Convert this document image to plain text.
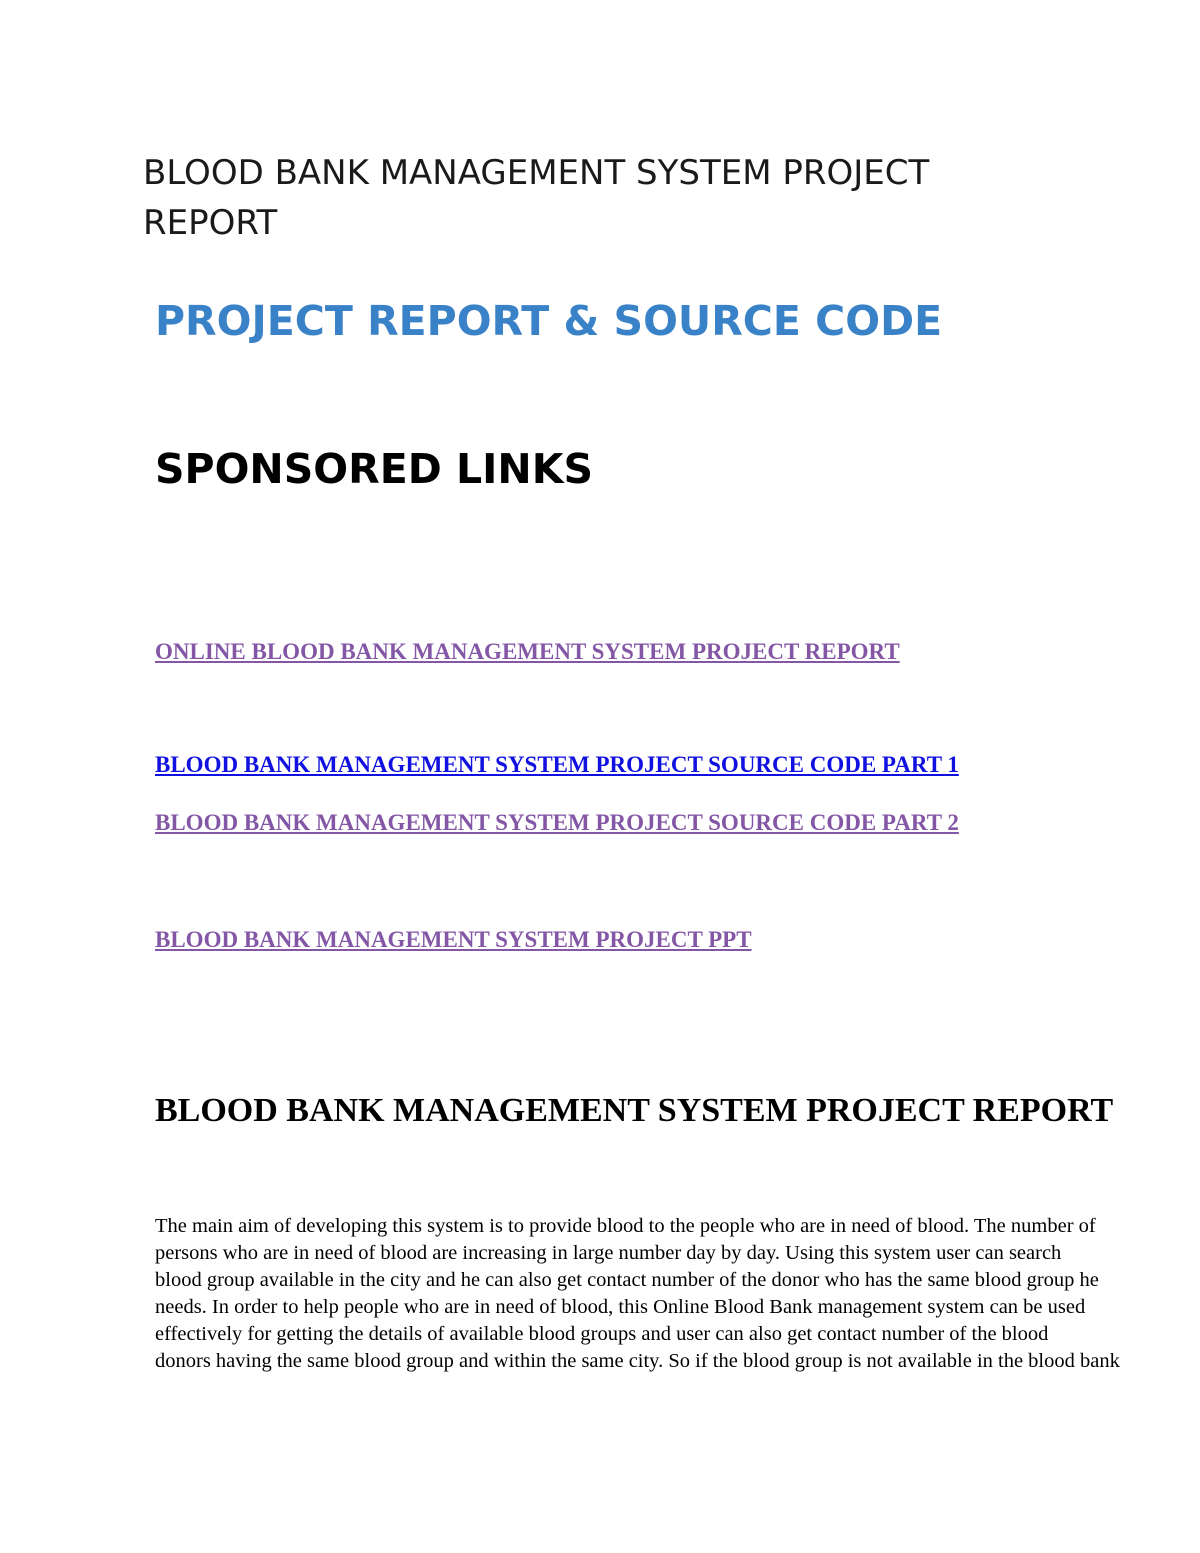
BLOOD BANK MANAGEMENT SYSTEM PROJECT REPORT
PROJECT REPORT & SOURCE CODE
SPONSORED LINKS
ONLINE BLOOD BANK MANAGEMENT SYSTEM PROJECT REPORT
BLOOD BANK MANAGEMENT SYSTEM PROJECT SOURCE CODE PART 1
BLOOD BANK MANAGEMENT SYSTEM PROJECT SOURCE CODE PART 2
BLOOD BANK MANAGEMENT SYSTEM PROJECT PPT
BLOOD BANK MANAGEMENT SYSTEM PROJECT REPORT
The main aim of developing this system is to provide blood to the people who are in need of blood. The number of
persons who are in need of blood are increasing in large number day by day. Using this system user can search
blood group available in the city and he can also get contact number of the donor who has the same blood group he
needs. In order to help people who are in need of blood, this Online Blood Bank management system can be used
effectively for getting the details of available blood groups and user can also get contact number of the blood
donors having the same blood group and within the same city. So if the blood group is not available in the blood bank
